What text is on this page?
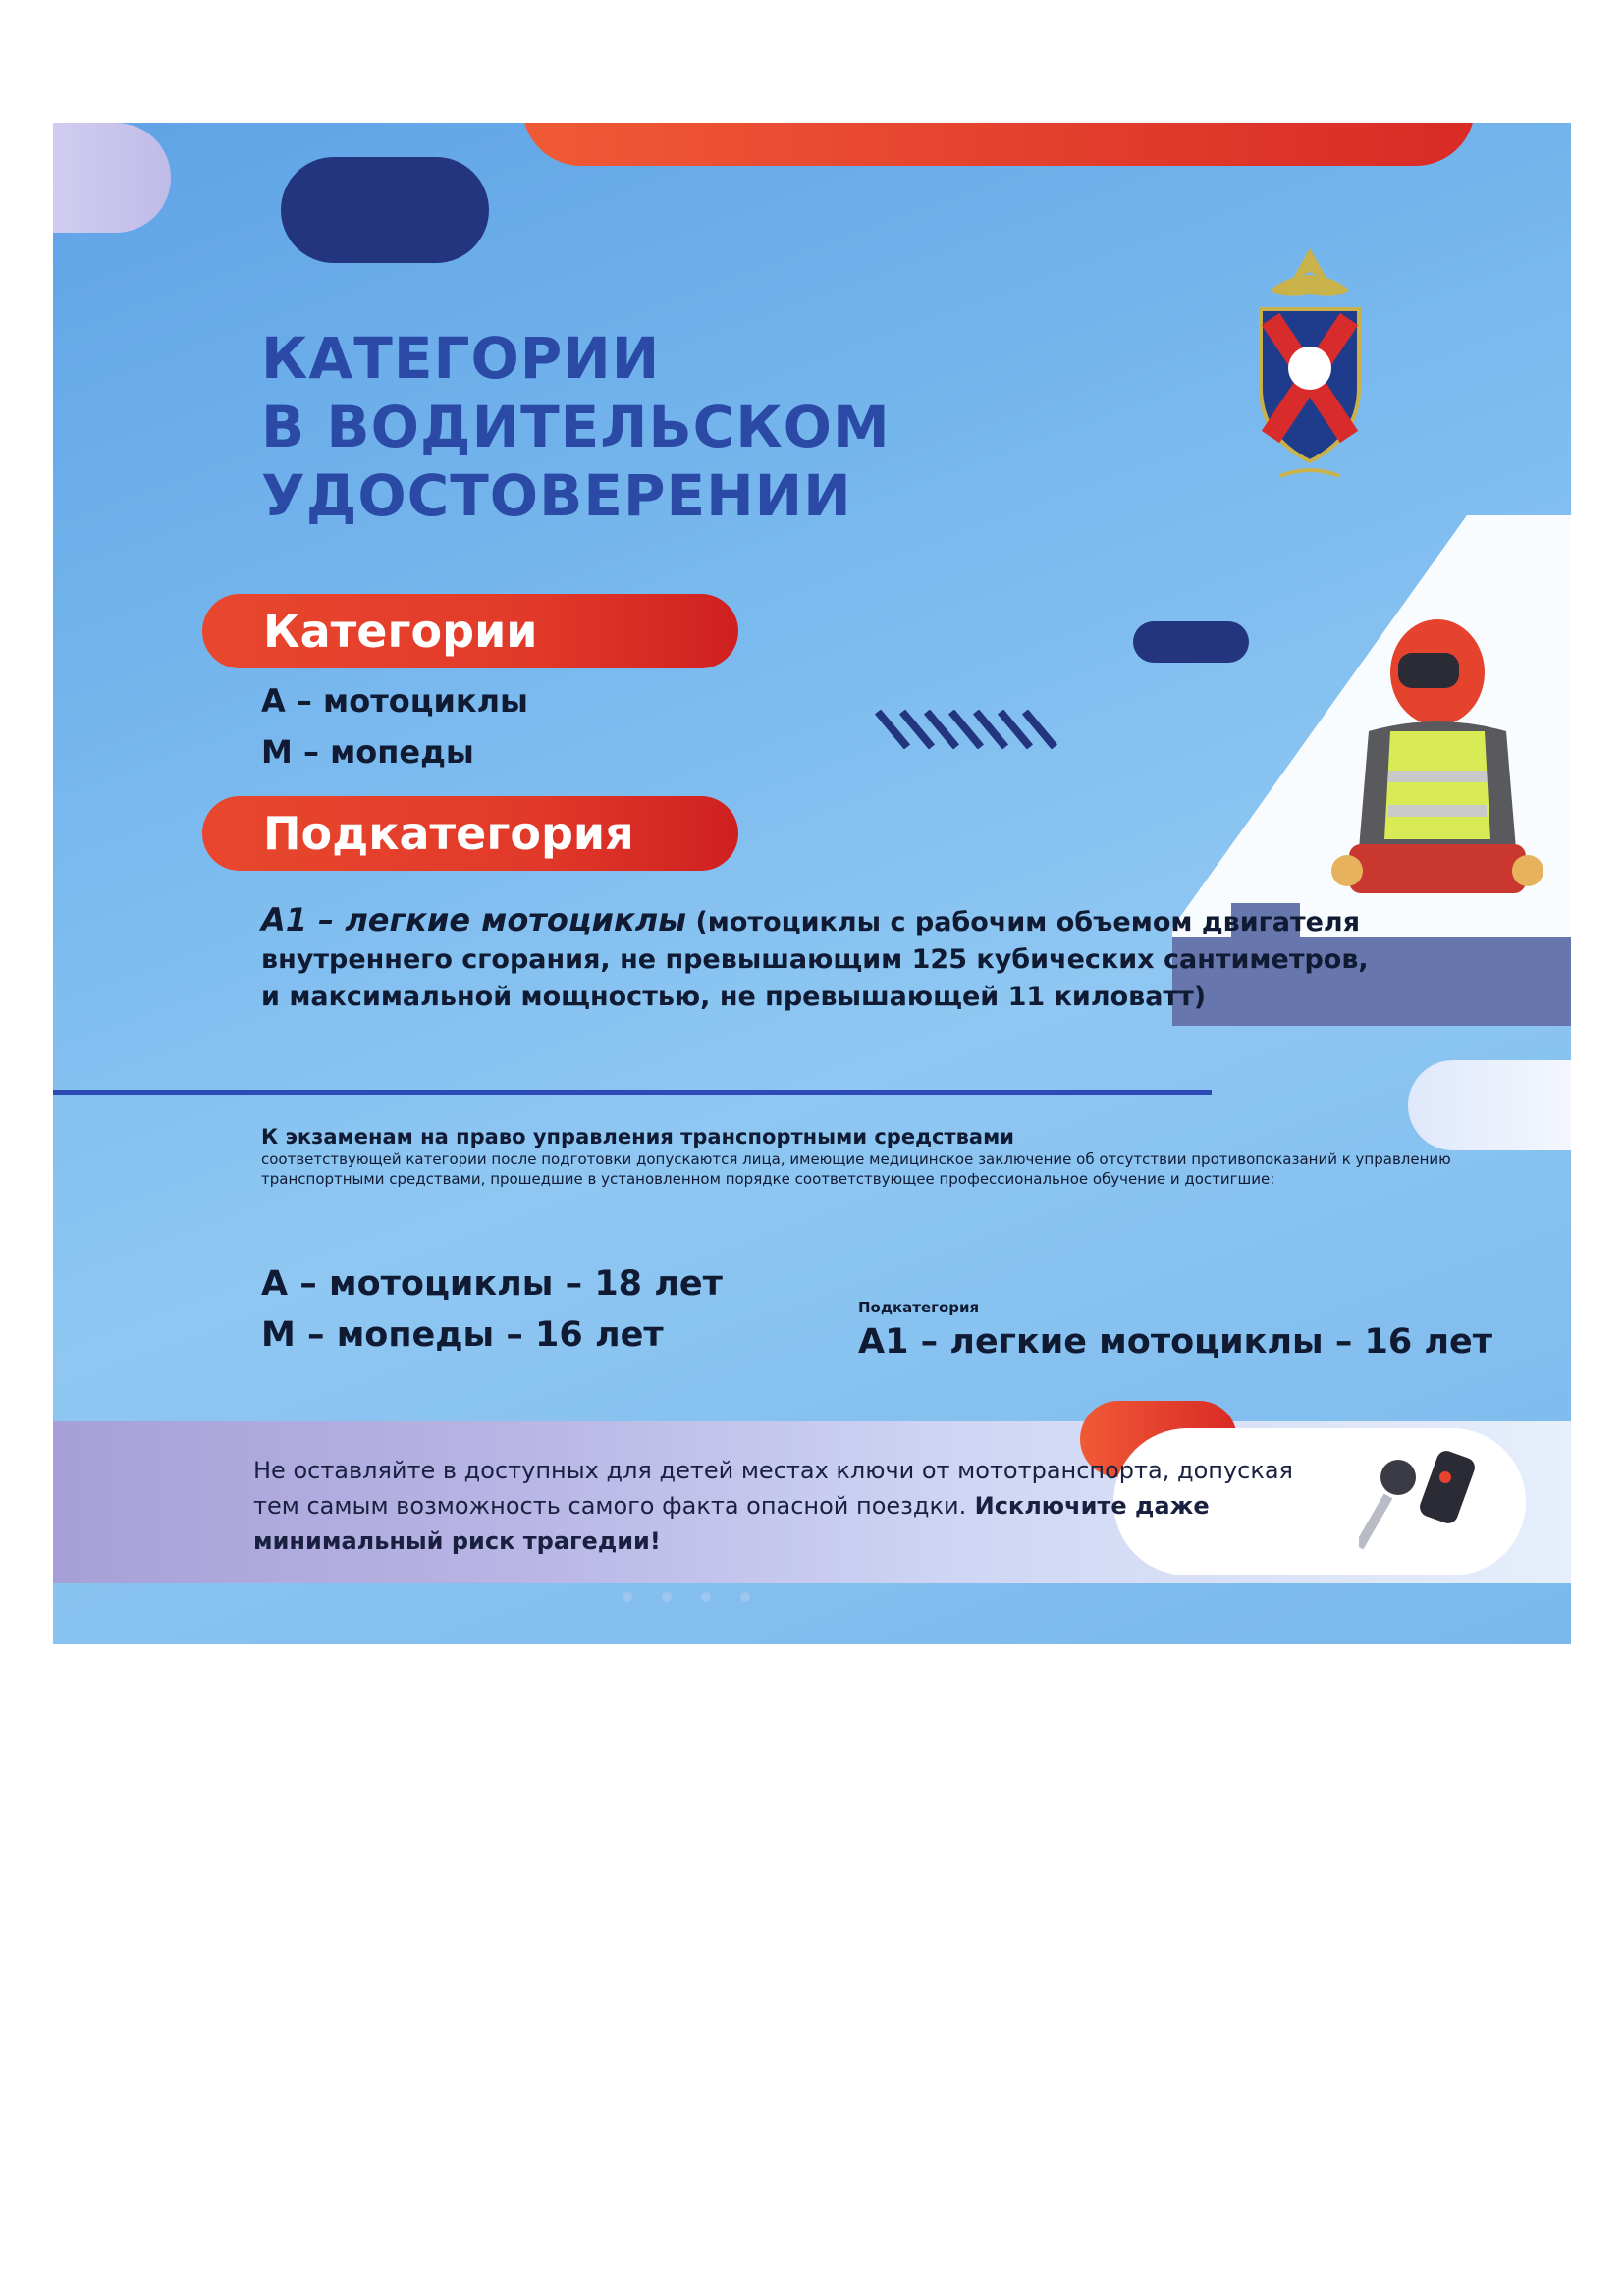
КАТЕГОРИИ
В ВОДИТЕЛЬСКОМ
УДОСТОВЕРЕНИИ
Категории
А – мотоциклы
М – мопеды
Подкатегория
А1 – легкие мотоциклы (мотоциклы с рабочим объемом двигателя внутреннего сгорания, не превышающим 125 кубических сантиметров, и максимальной мощностью, не превышающей 11 киловатт)
К экзаменам на право управления транспортными средствами
соответствующей категории после подготовки допускаются лица, имеющие медицинское заключение об отсутствии противопоказаний к управлению транспортными средствами, прошедшие в установленном порядке соответствующее профессиональное обучение и достигшие:
А – мотоциклы – 18 лет
М – мопеды – 16 лет
Подкатегория
А1 – легкие мотоциклы – 16 лет
Не оставляйте в доступных для детей местах ключи от мототранспорта, допуская тем самым возможность самого факта опасной поездки. Исключите даже минимальный риск трагедии!
